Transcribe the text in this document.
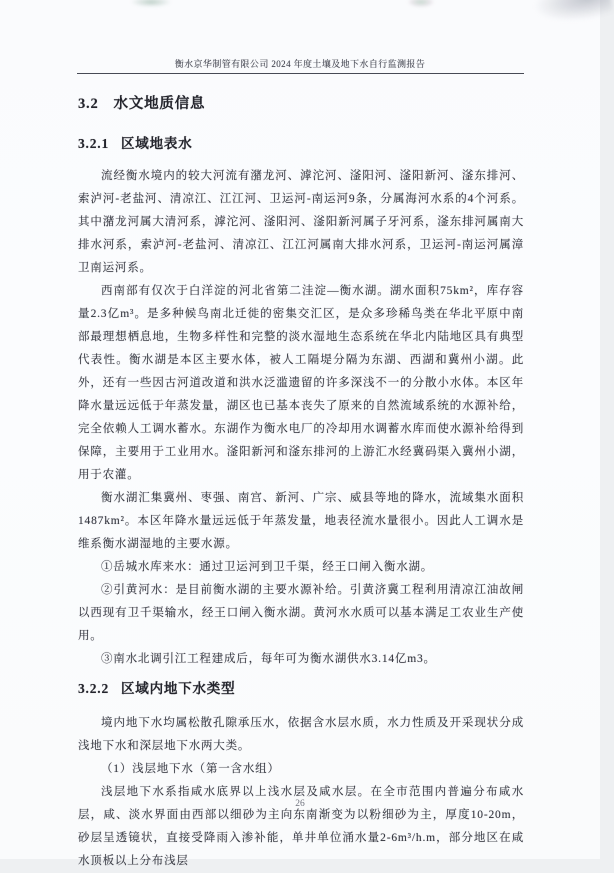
衡水京华制管有限公司 2024 年度土壤及地下水自行监测报告
3.2 水文地质信息
3.2.1 区域地表水

流经衡水境内的较大河流有潴龙河、滹沱河、滏阳河、滏阳新河、滏东排河、索泸河-老盐河、清凉江、江江河、卫运河-南运河9条，分属海河水系的4个河系。其中潴龙河属大清河系，滹沱河、滏阳河、滏阳新河属子牙河系，滏东排河属南大排水河系，索泸河-老盐河、清凉江、江江河属南大排水河系，卫运河-南运河属漳卫南运河系。

西南部有仅次于白洋淀的河北省第二洼淀—衡水湖。湖水面积75km²，库存容量2.3亿m³。是多种候鸟南北迁徙的密集交汇区，是众多珍稀鸟类在华北平原中南部最理想栖息地，生物多样性和完整的淡水湿地生态系统在华北内陆地区具有典型代表性。衡水湖是本区主要水体，被人工隔堤分隔为东湖、西湖和冀州小湖。此外，还有一些因古河道改道和洪水泛滥遗留的许多深浅不一的分散小水体。本区年降水量远远低于年蒸发量，湖区也已基本丧失了原来的自然流域系统的水源补给，完全依赖人工调水蓄水。东湖作为衡水电厂的冷却用水调蓄水库而使水源补给得到保障，主要用于工业用水。滏阳新河和滏东排河的上游汇水经冀码渠入冀州小湖，用于农灌。

衡水湖汇集冀州、枣强、南宫、新河、广宗、威县等地的降水，流域集水面积1487km²。本区年降水量远远低于年蒸发量，地表径流水量很小。因此人工调水是维系衡水湖湿地的主要水源。

①岳城水库来水：通过卫运河到卫千渠，经王口闸入衡水湖。

②引黄河水：是目前衡水湖的主要水源补给。引黄济冀工程利用清凉江油故闸以西现有卫千渠输水，经王口闸入衡水湖。黄河水水质可以基本满足工农业生产使用。

③南水北调引江工程建成后，每年可为衡水湖供水3.14亿m3。

3.2.2 区域内地下水类型

境内地下水均属松散孔隙承压水，依据含水层水质，水力性质及开采现状分成浅地下水和深层地下水两大类。

（1）浅层地下水（第一含水组）

浅层地下水系指咸水底界以上浅水层及咸水层。在全市范围内普遍分布咸水层，咸、淡水界面由西部以细砂为主向东南渐变为以粉细砂为主，厚度10-20m，砂层呈透镜状，直接受降雨入渗补能，单井单位涌水量2-6m³/h.m，部分地区在咸水顶板以上分布浅层

26
